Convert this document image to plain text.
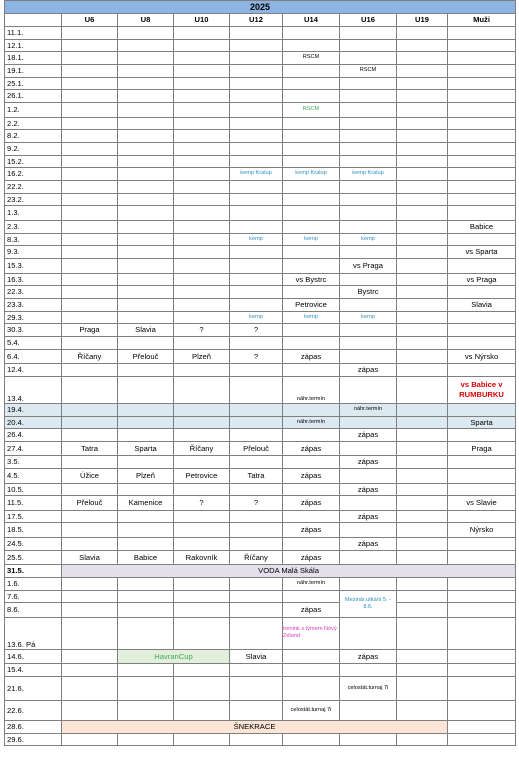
2025								
	U6	U8	U10	U12	U14	U16	U19	Muži
11.1.								
12.1.								
18.1.					RSCM			
19.1.						RSCM		
25.1.								
26.1.								
1.2.					RSCM			
2.2.								
8.2.								
9.2.								
15.2.								
16.2.				kemp Kralup	kemp Kralup	kemp Kralup		
22.2.								
23.2.								
1.3.								
2.3.								Babice
8.3.				kemp	kemp	kemp		
9.3.								vs Sparta
15.3.						vs Praga		
16.3.					vs Bystrc			vs Praga
22.3.						Bystrc		
23.3.					Petrovice			Slavia
29.3.				kemp	kemp	kemp		
30.3.	Praga	Slavia	?	?				
5.4.								
6.4.	Říčany	Přelouč	Plzeň	?	zápas			vs Nýrsko
12.4.						zápas		
13.4.					náhr.termín			vs Babice v RUMBURKU
19.4.						náhr.termín		
20.4.					náhr.termín			Sparta
26.4.						zápas		
27.4.	Tatra	Sparta	Říčany	Přelouč	zápas			Praga
3.5.						zápas		
4.5.	Úžice	Plzeň	Petrovice	Tatra	zápas			
10.5.						zápas		
11.5.	Přelouč	Kamenice	?	?	zápas			vs Slavie
17.5.						zápas		
18.5.					zápas			Nýrsko
24.5.						zápas		
25.5.	Slavia	Babice	Rakovník	Říčany	zápas			
31.5.	VODA Malá Skála							
1.6.					náhr.termín			
7.6.						Mezinár.utkání 5. - 8.6.		
8.6.					zápas			
13.6. Pá					trénink s týmem Nový Zéland			
14.6.		HavranCup		Slavia		zápas		
15.4.								
21.6.						celostát.turnaj 7i		
22.6.					celostát.turnaj 7i			
28.6.	ŠNEKRACE							
29.6.								
